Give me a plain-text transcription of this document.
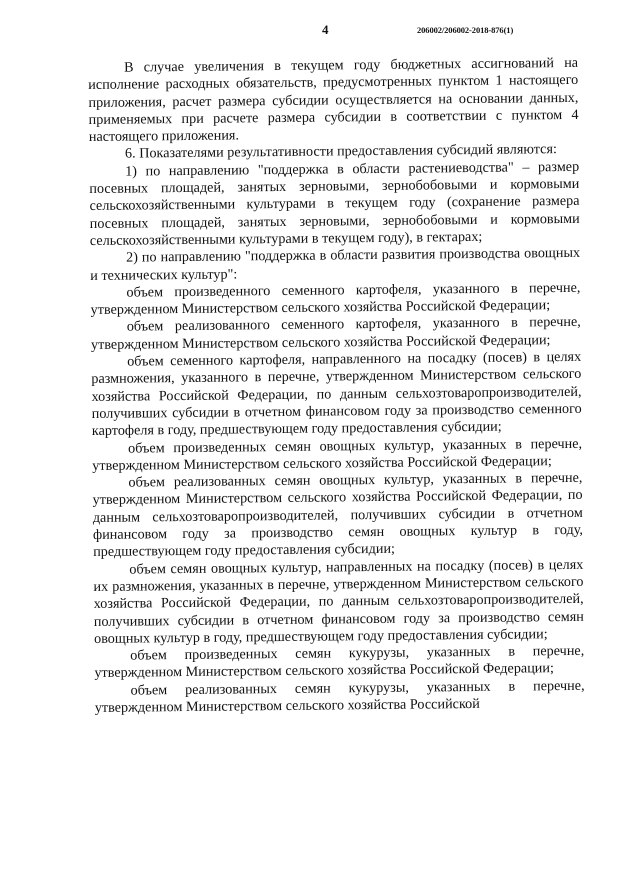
4	206002/206002-2018-876(1)

В случае увеличения в текущем году бюджетных ассигнований на исполнение расходных обязательств, предусмотренных пунктом 1 настоящего приложения, расчет размера субсидии осуществляется на основании данных, применяемых при расчете размера субсидии в соответствии с пунктом 4 настоящего приложения.

6. Показателями результативности предоставления субсидий являются:

1) по направлению "поддержка в области растениеводства" – размер посевных площадей, занятых зерновыми, зернобобовыми и кормовыми сельскохозяйственными культурами в текущем году (сохранение размера посевных площадей, занятых зерновыми, зернобобовыми и кормовыми сельскохозяйственными культурами в текущем году), в гектарах;

2) по направлению "поддержка в области развития производства овощных и технических культур":

объем произведенного семенного картофеля, указанного в перечне, утвержденном Министерством сельского хозяйства Российской Федерации;

объем реализованного семенного картофеля, указанного в перечне, утвержденном Министерством сельского хозяйства Российской Федерации;

объем семенного картофеля, направленного на посадку (посев) в целях размножения, указанного в перечне, утвержденном Министерством сельского хозяйства Российской Федерации, по данным сельхозтоваропроизводителей, получивших субсидии в отчетном финансовом году за производство семенного картофеля в году, предшествующем году предоставления субсидии;

объем произведенных семян овощных культур, указанных в перечне, утвержденном Министерством сельского хозяйства Российской Федерации;

объем реализованных семян овощных культур, указанных в перечне, утвержденном Министерством сельского хозяйства Российской Федерации, по данным сельхозтоваропроизводителей, получивших субсидии в отчетном финансовом году за производство семян овощных культур в году, предшествующем году предоставления субсидии;

объем семян овощных культур, направленных на посадку (посев) в целях их размножения, указанных в перечне, утвержденном Министерством сельского хозяйства Российской Федерации, по данным сельхозтоваропроизводителей, получивших субсидии в отчетном финансовом году за производство семян овощных культур в году, предшествующем году предоставления субсидии;

объем произведенных семян кукурузы, указанных в перечне, утвержденном Министерством сельского хозяйства Российской Федерации;

объем реализованных семян кукурузы, указанных в перечне, утвержденном Министерством сельского хозяйства Российской
